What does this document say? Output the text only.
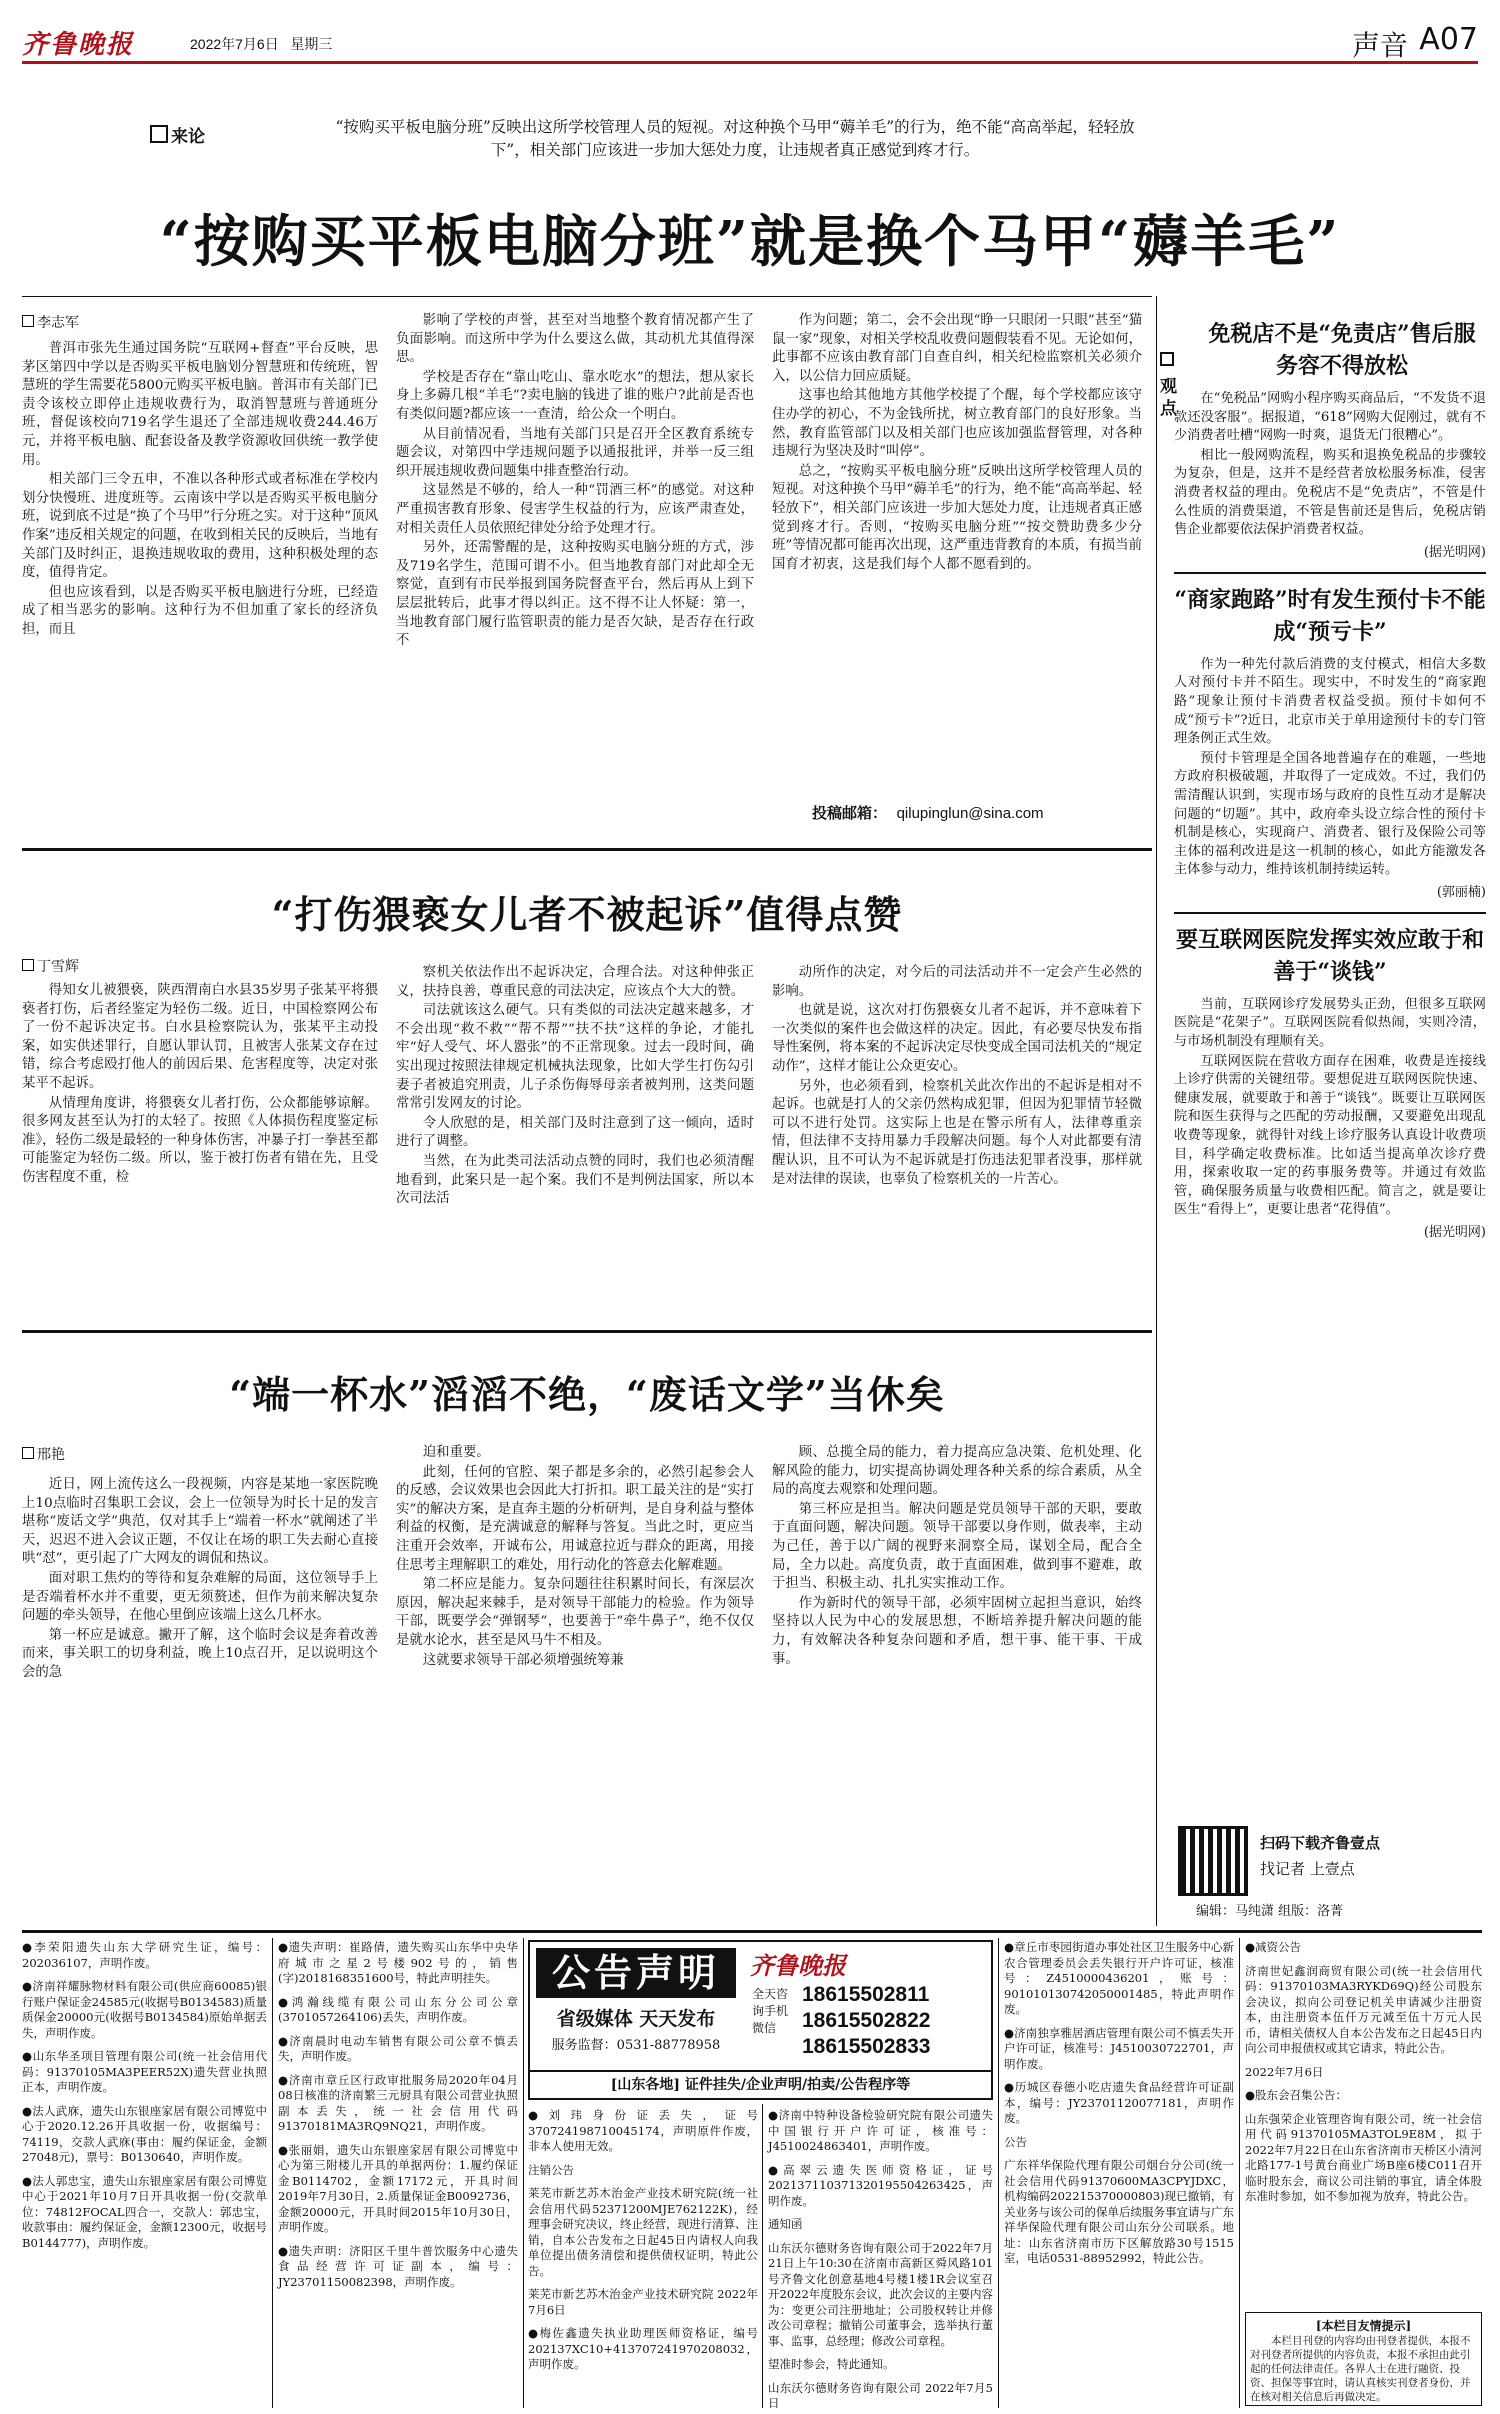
齐鲁晚报	2022年7月6日 星期三	声音 A07
来论	“按购买平板电脑分班”反映出这所学校管理人员的短视。对这种换个马甲“薅羊毛”的行为，绝不能“高高举起，轻轻放下”，相关部门应该进一步加大惩处力度，让违规者真正感觉到疼才行。
“按购买平板电脑分班”就是换个马甲“薅羊毛”
李志军

普洱市张先生通过国务院“互联网+督查”平台反映，思茅区第四中学以是否购买平板电脑划分智慧班和传统班，智慧班的学生需要花5800元购买平板电脑。普洱市有关部门已责令该校立即停止违规收费行为，取消智慧班与普通班分班，督促该校向719名学生退还了全部违规收费244.46万元，并将平板电脑、配套设备及教学资源收回供统一教学使用。

相关部门三令五申，不准以各种形式或者标准在学校内划分快慢班、进度班等。云南该中学以是否购买平板电脑分班，说到底不过是“换了个马甲”行分班之实。对于这种“顶风作案”违反相关规定的问题，在收到相关民的反映后，当地有关部门及时纠正，退换违规收取的费用，这种积极处理的态度，值得肯定。

但也应该看到，以是否购买平板电脑进行分班，已经造成了相当恶劣的影响。这种行为不但加重了家长的经济负担，而且

影响了学校的声誉，甚至对当地整个教育情况都产生了负面影响。而这所中学为什么要这么做，其动机尤其值得深思。

学校是否存在“靠山吃山、靠水吃水”的想法，想从家长身上多薅几根“羊毛”?卖电脑的钱进了谁的账户?此前是否也有类似问题?都应该一一查清，给公众一个明白。

从目前情况看，当地有关部门只是召开全区教育系统专题会议，对第四中学违规问题予以通报批评，并举一反三组织开展违规收费问题集中排查整治行动。

这显然是不够的，给人一种“罚酒三杯”的感觉。对这种严重损害教育形象、侵害学生权益的行为，应该严肃查处，对相关责任人员依照纪律处分给予处理才行。

另外，还需警醒的是，这种按购买电脑分班的方式，涉及719名学生，范围可谓不小。但当地教育部门对此却全无察觉，直到有市民举报到国务院督查平台，然后再从上到下层层批转后，此事才得以纠正。这不得不让人怀疑：第一，当地教育部门履行监管职责的能力是否欠缺，是否存在行政不

作为问题；第二，会不会出现“睁一只眼闭一只眼”甚至“猫鼠一家”现象，对相关学校乱收费问题假装看不见。无论如何，此事都不应该由教育部门自查自纠，相关纪检监察机关必须介入，以公信力回应质疑。

这事也给其他地方其他学校提了个醒，每个学校都应该守住办学的初心，不为金钱所扰，树立教育部门的良好形象。当然，教育监管部门以及相关部门也应该加强监督管理，对各种违规行为坚决及时“叫停”。

总之，“按购买平板电脑分班”反映出这所学校管理人员的短视。对这种换个马甲“薅羊毛”的行为，绝不能“高高举起、轻轻放下”，相关部门应该进一步加大惩处力度，让违规者真正感觉到疼才行。否则，“按购买电脑分班”“按交赞助费多少分班”等情况都可能再次出现，这严重违背教育的本质，有损当前国育才初衷，这是我们每个人都不愿看到的。

投稿邮箱： qilupinglun@sina.com
“打伤猥亵女儿者不被起诉”值得点赞
丁雪辉

得知女儿被猥亵，陕西渭南白水县35岁男子张某平将猥亵者打伤，后者经鉴定为轻伤二级。近日，中国检察网公布了一份不起诉决定书。白水县检察院认为，张某平主动投案，如实供述罪行，自愿认罪认罚，且被害人张某文存在过错，综合考虑殴打他人的前因后果、危害程度等，决定对张某平不起诉。

从情理角度讲，将猥亵女儿者打伤，公众都能够谅解。很多网友甚至认为打的太轻了。按照《人体损伤程度鉴定标准》，轻伤二级是最轻的一种身体伤害，冲暴子打一拳甚至都可能鉴定为轻伤二级。所以，鉴于被打伤者有错在先，且受伤害程度不重，检

察机关依法作出不起诉决定，合理合法。对这种伸张正义，扶持良善，尊重民意的司法决定，应该点个大大的赞。

司法就该这么硬气。只有类似的司法决定越来越多，才不会出现“救不救”“帮不帮”“扶不扶”这样的争论，才能扎牢“好人受气、坏人嚣张”的不正常现象。过去一段时间，确实出现过按照法律规定机械执法现象，比如大学生打伤勾引妻子者被追究刑责，儿子杀伤侮辱母亲者被判刑，这类问题常常引发网友的讨论。

令人欣慰的是，相关部门及时注意到了这一倾向，适时进行了调整。

当然，在为此类司法活动点赞的同时，我们也必须清醒地看到，此案只是一起个案。我们不是判例法国家，所以本次司法活

动所作的决定，对今后的司法活动并不一定会产生必然的影响。

也就是说，这次对打伤猥亵女儿者不起诉，并不意味着下一次类似的案件也会做这样的决定。因此，有必要尽快发布指导性案例，将本案的不起诉决定尽快变成全国司法机关的“规定动作”，这样才能让公众更安心。

另外，也必须看到，检察机关此次作出的不起诉是相对不起诉。也就是打人的父亲仍然构成犯罪，但因为犯罪情节轻微可以不进行处罚。这实际上也是在警示所有人，法律尊重亲情，但法律不支持用暴力手段解决问题。每个人对此都要有清醒认识，且不可认为不起诉就是打伤违法犯罪者没事，那样就是对法律的误读，也辜负了检察机关的一片苦心。

“端一杯水”滔滔不绝，“废话文学”当休矣
邢艳

近日，网上流传这么一段视频，内容是某地一家医院晚上10点临时召集职工会议，会上一位领导为时长十足的发言堪称“废话文学”典范，仅对其手上“端着一杯水”就阐述了半天，迟迟不进入会议正题，不仅让在场的职工失去耐心直接哄“怼”，更引起了广大网友的调侃和热议。

面对职工焦灼的等待和复杂难解的局面，这位领导手上是否端着杯水并不重要，更无须赘述，但作为前来解决复杂问题的牵头领导，在他心里倒应该端上这么几杯水。

第一杯应是诚意。撇开了解，这个临时会议是奔着改善而来，事关职工的切身利益，晚上10点召开，足以说明这个会的急

迫和重要。

此刻，任何的官腔、架子都是多余的，必然引起参会人的反感，会议效果也会因此大打折扣。职工最关注的是“实打实”的解决方案，是直奔主题的分析研判，是自身利益与整体利益的权衡，是充满诚意的解释与答复。当此之时，更应当注重开会效率，开诚布公，用诚意拉近与群众的距离，用接住思考主理解职工的难处，用行动化的答意去化解难题。

第二杯应是能力。复杂问题往往积累时间长，有深层次原因，解决起来棘手，是对领导干部能力的检验。作为领导干部，既要学会“弹钢琴”，也要善于“牵牛鼻子”，绝不仅仅是就水论水，甚至是风马牛不相及。

这就要求领导干部必须增强统筹兼

顾、总揽全局的能力，着力提高应急决策、危机处理、化解风险的能力，切实提高协调处理各种关系的综合素质，从全局的高度去观察和处理问题。

第三杯应是担当。解决问题是党员领导干部的天职，要敢于直面问题，解决问题。领导干部要以身作则，做表率，主动为己任，善于以广阔的视野来洞察全局，谋划全局，配合全局，全力以赴。高度负责，敢于直面困难，做到事不避难，敢于担当、积极主动、扎扎实实推动工作。

作为新时代的领导干部，必须牢固树立起担当意识，始终坚持以人民为中心的发展思想，不断培养提升解决问题的能力，有效解决各种复杂问题和矛盾，想干事、能干事、干成事。

观点
免税店不是“免责店”售后服务容不得放松

在“免税品”网购小程序购买商品后，“不发货不退款还没客服”。据报道，“618”网购大促刚过，就有不少消费者吐槽“网购一时爽，退货无门很糟心”。

相比一般网购流程，购买和退换免税品的步骤较为复杂，但是，这并不是经营者放松服务标准，侵害消费者权益的理由。免税店不是“免责店”，不管是什么性质的消费渠道，不管是售前还是售后，免税店销售企业都要依法保护消费者权益。

(据光明网)
“商家跑路”时有发生预付卡不能成“预亏卡”

作为一种先付款后消费的支付模式，相信大多数人对预付卡并不陌生。现实中，不时发生的“商家跑路”现象让预付卡消费者权益受损。预付卡如何不成“预亏卡”?近日，北京市关于单用途预付卡的专门管理条例正式生效。

预付卡管理是全国各地普遍存在的难题，一些地方政府积极破题，并取得了一定成效。不过，我们仍需清醒认识到，实现市场与政府的良性互动才是解决问题的“切题”。其中，政府牵头设立综合性的预付卡机制是核心，实现商户、消费者、银行及保险公司等主体的福利改进是这一机制的核心，如此方能激发各主体参与动力，维持该机制持续运转。

(郭丽楠)
要互联网医院发挥实效应敢于和善于“谈钱”

当前，互联网诊疗发展势头正劲，但很多互联网医院是“花架子”。互联网医院看似热闹，实则冷清，与市场机制没有理顺有关。

互联网医院在营收方面存在困难，收费是连接线上诊疗供需的关键纽带。要想促进互联网医院快速、健康发展，就要敢于和善于“谈钱”。既要让互联网医院和医生获得与之匹配的劳动报酬，又要避免出现乱收费等现象，就得针对线上诊疗服务认真设计收费项目，科学确定收费标准。比如适当提高单次诊疗费用，探索收取一定的药事服务费等。并通过有效监管，确保服务质量与收费相匹配。简言之，就是要让医生“看得上”，更要让患者“花得值”。

(据光明网)
扫码下载齐鲁壹点
找记者 上壹点
编辑：马纯潇 组版：洛菁
●李荣阳遗失山东大学研究生证，编号：202036107，声明作废。
●济南祥耀脉物材料有限公司(供应商60085)银行账户保证金24585元(收据号B0134583)质量质保金20000元(收据号B0134584)原始单据丢失，声明作废。
●山东华圣项目管理有限公司(统一社会信用代码：91370105MA3PEER52X)遗失营业执照正本，声明作废。
●法人武庥，遗失山东银座家居有限公司博览中心于2020.12.26开具收据一份，收据编号：74119，交款人武庥(事由：履约保证金，金额27048元)，票号：B0130640，声明作废。
●法人郭忠宝，遗失山东银座家居有限公司博览中心于2021年10月7日开具收据一份(交款单位：74812FOCAL四合一，交款人：郭忠宝，收款事由：履约保证金，金额12300元，收据号B0144777)，声明作废。
●遗失声明：崔路倩，遗失购买山东华中央华府城市之星2号楼902号的，销售(字)2018168351600号，特此声明挂失。
●鸿瀚线缆有限公司山东分公司公章(3701057264106)丢失，声明作废。
●济南晨时电动车销售有限公司公章不慎丢失，声明作废。
●济南市章丘区行政审批服务局2020年04月08日核准的济南繁三元厨具有限公司营业执照副本丢失，统一社会信用代码91370181MA3RQ9NQ21，声明作废。
●张丽娟，遗失山东银座家居有限公司博览中心为第三附楼儿开具的单据两份：1.履约保证金B0114702，金额17172元，开具时间2019年7月30日，2.质量保证金B0092736，金额20000元，开具时间2015年10月30日，声明作废。
●遗失声明：济阳区千里牛普饮服务中心遗失食品经营许可证副本，编号：JY23701150082398，声明作废。
公告声明
省级媒体 天天发布
服务监督：0531-88778958
齐鲁晚报
全天咨询手机微信
18615502811
18615502822
18615502833
[山东各地] 证件挂失/企业声明/拍卖/公告程序等
●刘玮身份证丢失，证号370724198710045174，声明原件作废，非本人使用无效。
注销公告
莱芜市新艺苏木治金产业技术研究院(统一社会信用代码52371200MJE762122K)，经理事会研究决议，终止经营，现进行清算、注销，自本公告发布之日起45日内请权人向我单位提出债务清偿和提供债权证明，特此公告。
莱芜市新艺苏木治金产业技术研究院 2022年7月6日
●梅佐鑫遗失执业助理医师资格证，编号202137XC10+413707241970208032，声明作废。
●济南中特种设备检验研究院有限公司遗失中国银行开户许可证，核准号：J4510024863401，声明作废。
●高翠云遗失医师资格证，证号202137110371320195504263425，声明作废。
通知函
山东沃尔德财务咨询有限公司于2022年7月21日上午10:30在济南市高新区舜风路101号齐鲁文化创意基地4号楼1楼1R会议室召开2022年度股东会议，此次会议的主要内容为：变更公司注册地址；公司股权转让并修改公司章程；撤销公司董事会，选举执行董事、监事，总经理；修改公司章程。
望准时参会，特此通知。
山东沃尔德财务咨询有限公司 2022年7月5日
●章丘市枣园街道办事处社区卫生服务中心新农合管理委员会丢失银行开户许可证，核准号：Z4510000436201，账号：901010130742050001485，特此声明作废。
●济南独享雅居酒店管理有限公司不慎丢失开户许可证，核准号：J4510030722701，声明作废。
●历城区春德小吃店遗失食品经营许可证副本，编号：JY23701120077181，声明作废。
公告
广东祥华保险代理有限公司烟台分公司(统一社会信用代码91370600MA3CPYJDXC，机构编码202215370000803)现已撤销，有关业务与该公司的保单后续服务事宜请与广东祥华保险代理有限公司山东分公司联系。地址：山东省济南市历下区解放路30号1515室，电话0531-88952992，特此公告。
●减资公告
济南世妃鑫润商贸有限公司(统一社会信用代码：91370103MA3RYKD69Q)经公司股东会决议，拟向公司登记机关申请减少注册资本，由注册资本伍仟万元减至伍十万元人民币，请相关债权人自本公告发布之日起45日内向公司申报债权或其它请求，特此公告。
2022年7月6日
●股东会召集公告：
山东强荣企业管理咨询有限公司，统一社会信用代码91370105MA3TOL9E8M，拟于2022年7月22日在山东省济南市天桥区小清河北路177-1号黄台商业广场B座6楼C011召开临时股东会，商议公司注销的事宜，请全体股东准时参加，如不参加视为放弃，特此公告。
[本栏目友情提示]
本栏目刊登的内容均由刊登者提供，本报不对刊登者所提供的内容负责，本报不承担由此引起的任何法律责任。各界人士在进行融资、投资、担保等事宜时，请认真核实刊登者身份，并在核对相关信息后再做决定。
